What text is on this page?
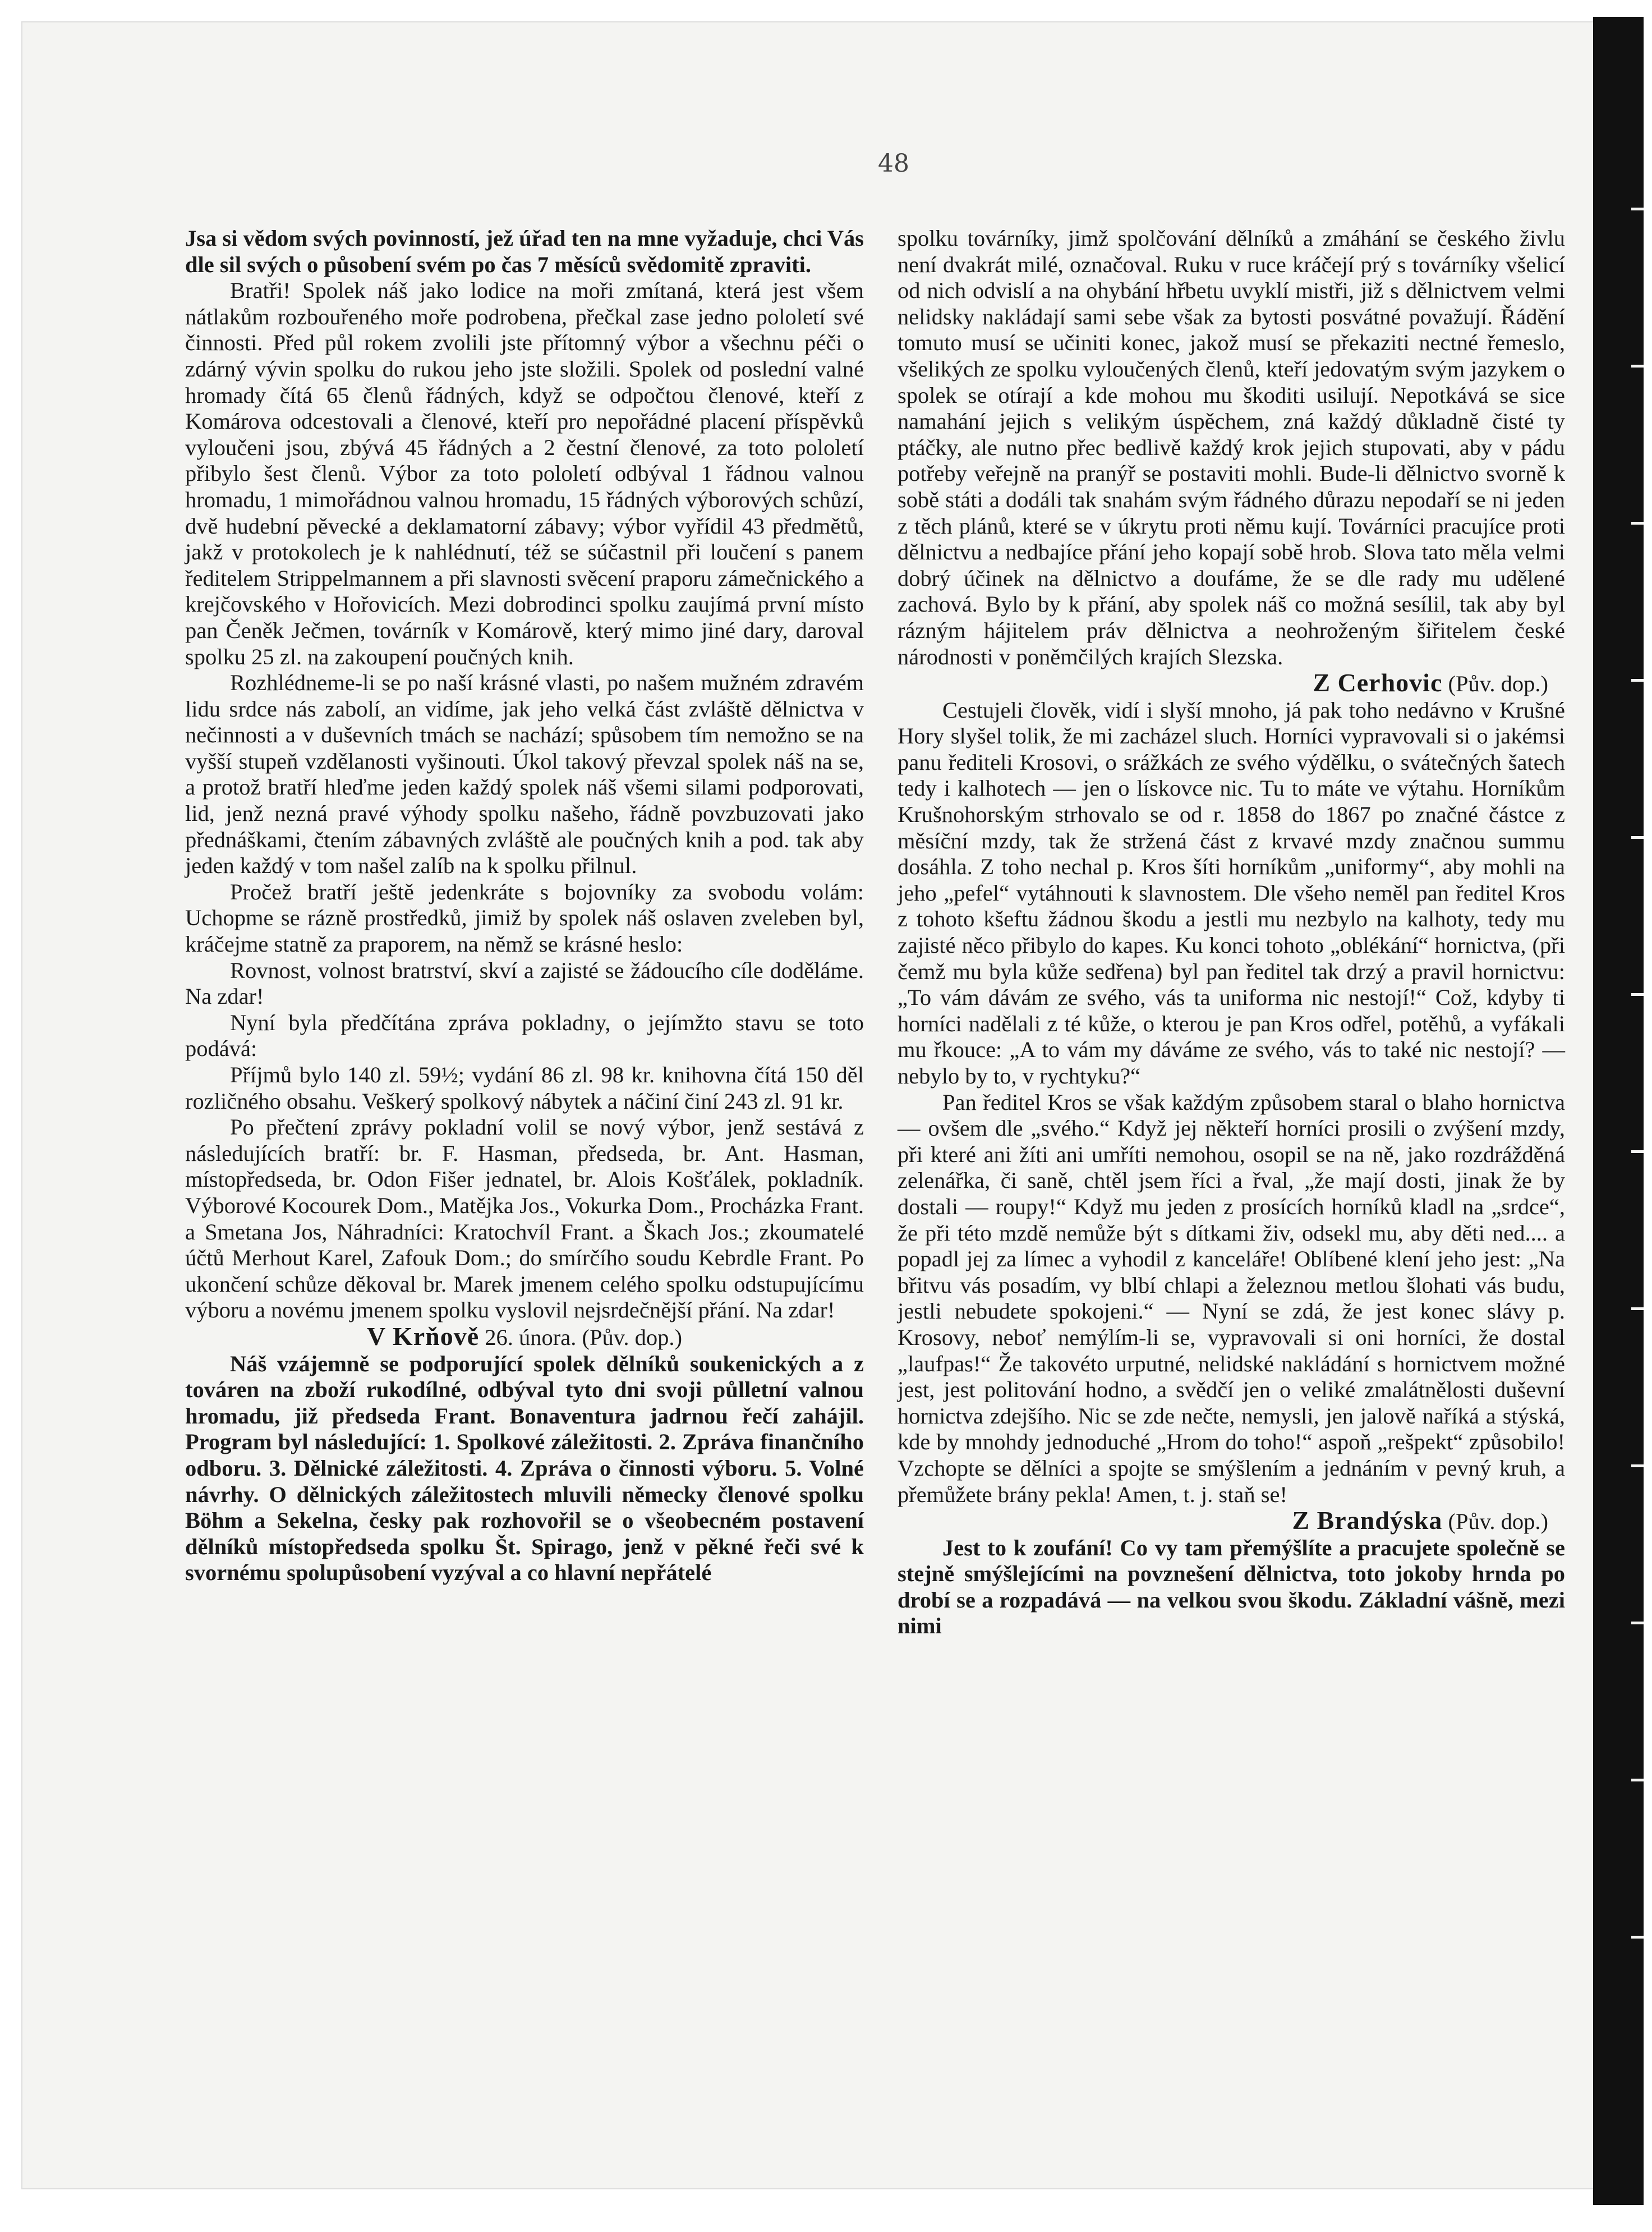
48

Jsa si vědom svých povinností, jež úřad ten na mne vyžaduje, chci Vás dle sil svých o působení svém po čas 7 měsíců svědomitě zpraviti.

Bratři! Spolek náš jako lodice na moři zmítaná, která jest všem nátlakům rozbouřeného moře podrobena, přečkal zase jedno pololetí své činnosti. Před půl rokem zvolili jste přítomný výbor a všechnu péči o zdárný vývin spolku do rukou jeho jste složili. Spolek od poslední valné hromady čítá 65 členů řádných, když se odpočtou členové, kteří z Komárova odcestovali a členové, kteří pro nepořádné placení příspěvků vyloučeni jsou, zbývá 45 řádných a 2 čestní členové, za toto pololetí přibylo šest členů. Výbor za toto pololetí odbýval 1 řádnou valnou hromadu, 1 mimořádnou valnou hromadu, 15 řádných výborových schůzí, dvě hudební pěvecké a deklamatorní zábavy; výbor vyřídil 43 předmětů, jakž v protokolech je k nahlédnutí, též se súčastnil při loučení s panem ředitelem Strippelmannem a při slavnosti svěcení praporu zámečnického a krejčovského v Hořovicích. Mezi dobrodinci spolku zaujímá první místo pan Čeněk Ječmen, továrník v Komárově, který mimo jiné dary, daroval spolku 25 zl. na zakoupení poučných knih.

Rozhlédneme-li se po naší krásné vlasti, po našem mužném zdravém lidu srdce nás zabolí, an vidíme, jak jeho velká část zvláště dělnictva v nečinnosti a v duševních tmách se nachází; spůsobem tím nemožno se na vyšší stupeň vzdělanosti vyšinouti. Úkol takový převzal spolek náš na se, a protož bratří hleďme jeden každý spolek náš všemi silami podporovati, lid, jenž nezná pravé výhody spolku našeho, řádně povzbuzovati jako přednáškami, čtením zábavných zvláště ale poučných knih a pod. tak aby jeden každý v tom našel zalíb na k spolku přilnul.

Pročež bratří ještě jedenkráte s bojovníky za svobodu volám: Uchopme se rázně prostředků, jimiž by spolek náš oslaven zveleben byl, kráčejme statně za praporem, na němž se krásné heslo:

Rovnost, volnost bratrství, skví a zajisté se žádoucího cíle doděláme. Na zdar!

Nyní byla předčítána zpráva pokladny, o jejímžto stavu se toto podává:

Příjmů bylo 140 zl. 59½; vydání 86 zl. 98 kr. knihovna čítá 150 děl rozličného obsahu. Veškerý spolkový nábytek a náčiní činí 243 zl. 91 kr.

Po přečtení zprávy pokladní volil se nový výbor, jenž sestává z následujících bratří: br. F. Hasman, předseda, br. Ant. Hasman, místopředseda, br. Odon Fišer jednatel, br. Alois Košťálek, pokladník. Výborové Kocourek Dom., Matějka Jos., Vokurka Dom., Procházka Frant. a Smetana Jos, Náhradníci: Kratochvíl Frant. a Škach Jos.; zkoumatelé účtů Merhout Karel, Zafouk Dom.; do smírčího soudu Kebrdle Frant. Po ukončení schůze děkoval br. Marek jmenem celého spolku odstupujícímu výboru a novému jmenem spolku vyslovil nejsrdečnější přání. Na zdar!

V Krňově 26. února. (Pův. dop.)

Náš vzájemně se podporující spolek dělníků soukenických a z továren na zboží rukodílné, odbýval tyto dni svoji půlletní valnou hromadu, již předseda Frant. Bonaventura jadrnou řečí zahájil. Program byl následující: 1. Spolkové záležitosti. 2. Zpráva finančního odboru. 3. Dělnické záležitosti. 4. Zpráva o činnosti výboru. 5. Volné návrhy. O dělnických záležitostech mluvili německy členové spolku Böhm a Sekelna, česky pak rozhovořil se o všeobecném postavení dělníků místopředseda spolku Št. Spirago, jenž v pěkné řeči své k svornému spolupůsobení vyzýval a co hlavní nepřátelé

spolku továrníky, jimž spolčování dělníků a zmáhání se českého živlu není dvakrát milé, označoval. Ruku v ruce kráčejí prý s továrníky všelicí od nich odvislí a na ohybání hřbetu uvyklí mistři, již s dělnictvem velmi nelidsky nakládají sami sebe však za bytosti posvátné považují. Řádění tomuto musí se učiniti konec, jakož musí se překaziti nectné řemeslo, všelikých ze spolku vyloučených členů, kteří jedovatým svým jazykem o spolek se otírají a kde mohou mu škoditi usilují. Nepotkává se sice namahání jejich s velikým úspěchem, zná každý důkladně čisté ty ptáčky, ale nutno přec bedlivě každý krok jejich stupovati, aby v pádu potřeby veřejně na pranýř se postaviti mohli. Bude-li dělnictvo svorně k sobě státi a dodáli tak snahám svým řádného důrazu nepodaří se ni jeden z těch plánů, které se v úkrytu proti němu kují. Továrníci pracujíce proti dělnictvu a nedbajíce přání jeho kopají sobě hrob. Slova tato měla velmi dobrý účinek na dělnictvo a doufáme, že se dle rady mu udělené zachová. Bylo by k přání, aby spolek náš co možná sesílil, tak aby byl rázným hájitelem práv dělnictva a neohroženým šiřitelem české národnosti v poněmčilých krajích Slezska.

Z Cerhovic (Pův. dop.)

Cestujeli člověk, vidí i slyší mnoho, já pak toho nedávno v Krušné Hory slyšel tolik, že mi zacházel sluch. Horníci vypravovali si o jakémsi panu řediteli Krosovi, o srážkách ze svého výdělku, o svátečných šatech tedy i kalhotech — jen o lískovce nic. Tu to máte ve výtahu. Horníkům Krušnohorským strhovalo se od r. 1858 do 1867 po značné částce z měsíční mzdy, tak že stržená část z krvavé mzdy značnou summu dosáhla. Z toho nechal p. Kros šíti horníkům „uniformy“, aby mohli na jeho „pefel“ vytáhnouti k slavnostem. Dle všeho neměl pan ředitel Kros z tohoto kšeftu žádnou škodu a jestli mu nezbylo na kalhoty, tedy mu zajisté něco přibylo do kapes. Ku konci tohoto „oblékání“ hornictva, (při čemž mu byla kůže sedřena) byl pan ředitel tak drzý a pravil hornictvu: „To vám dávám ze svého, vás ta uniforma nic nestojí!“ Což, kdyby ti horníci nadělali z té kůže, o kterou je pan Kros odřel, potěhů, a vyfákali mu řkouce: „A to vám my dáváme ze svého, vás to také nic nestojí? — nebylo by to, v rychtyku?“

Pan ředitel Kros se však každým způsobem staral o blaho hornictva — ovšem dle „svého.“ Když jej někteří horníci prosili o zvýšení mzdy, při které ani žíti ani umříti nemohou, osopil se na ně, jako rozdrážděná zelenářka, či saně, chtěl jsem říci a řval, „že mají dosti, jinak že by dostali — roupy!“ Když mu jeden z prosících horníků kladl na „srdce“, že při této mzdě nemůže být s dítkami živ, odsekl mu, aby děti ned.... a popadl jej za límec a vyhodil z kanceláře! Oblíbené klení jeho jest: „Na břitvu vás posadím, vy blbí chlapi a železnou metlou šlohati vás budu, jestli nebudete spokojeni.“ — Nyní se zdá, že jest konec slávy p. Krosovy, neboť nemýlím-li se, vypravovali si oni horníci, že dostal „laufpas!“ Že takovéto urputné, nelidské nakládání s hornictvem možné jest, jest politování hodno, a svědčí jen o veliké zmalátnělosti duševní hornictva zdejšího. Nic se zde nečte, nemysli, jen jalově naříká a stýská, kde by mnohdy jednoduché „Hrom do toho!“ aspoň „rešpekt“ způsobilo! Vzchopte se dělníci a spojte se smýšlením a jednáním v pevný kruh, a přemůžete brány pekla! Amen, t. j. staň se!

Z Brandýska (Pův. dop.)

Jest to k zoufání! Co vy tam přemýšlíte a pracujete společně se stejně smýšlejícími na povznešení dělnictva, toto jokoby hrnda po drobí se a rozpadává — na velkou svou škodu. Základní vášně, mezi nimi
